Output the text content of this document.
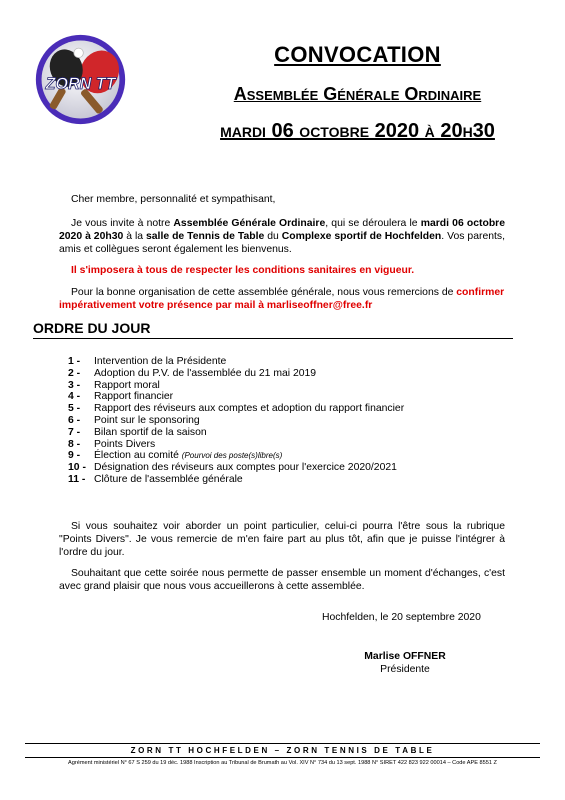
ZORN TT
CONVOCATION
Assemblée Générale Ordinaire
mardi 06 octobre 2020 à 20h30
Cher membre, personnalité et sympathisant,
Je vous invite à notre Assemblée Générale Ordinaire, qui se déroulera le mardi 06 octobre 2020 à 20h30 à la salle de Tennis de Table du Complexe sportif de Hochfelden. Vos parents, amis et collègues seront également les bienvenus.
Il s'imposera à tous de respecter les conditions sanitaires en vigueur.
Pour la bonne organisation de cette assemblée générale, nous vous remercions de confirmer impérativement votre présence par mail à marliseoffner@free.fr
ORDRE DU JOUR
1 - Intervention de la Présidente
2 - Adoption du P.V. de l'assemblée du 21 mai 2019
3 - Rapport moral
4 - Rapport financier
5 - Rapport des réviseurs aux comptes et adoption du rapport financier
6 - Point sur le sponsoring
7 - Bilan sportif de la saison
8 - Points Divers
9 - Élection au comité (Pourvoi des poste(s)libre(s)
10 - Désignation des réviseurs aux comptes pour l'exercice 2020/2021
11 - Clôture de l'assemblée générale
Si vous souhaitez voir aborder un point particulier, celui-ci pourra l'être sous la rubrique "Points Divers". Je vous remercie de m'en faire part au plus tôt, afin que je puisse l'intégrer à l'ordre du jour.
Souhaitant que cette soirée nous permette de passer ensemble un moment d'échanges, c'est avec grand plaisir que nous vous accueillerons à cette assemblée.
Hochfelden, le 20 septembre 2020
Marlise OFFNER
Présidente
ZORN TT HOCHFELDEN – ZORN TENNIS DE TABLE
Agrément ministériel N° 67 S 259 du 19 déc. 1988 Inscription au Tribunal de Brumath au Vol. XIV N° 734 du 13 sept. 1988 N° SIRET 422 823 922 00014 – Code APE 8551 Z
